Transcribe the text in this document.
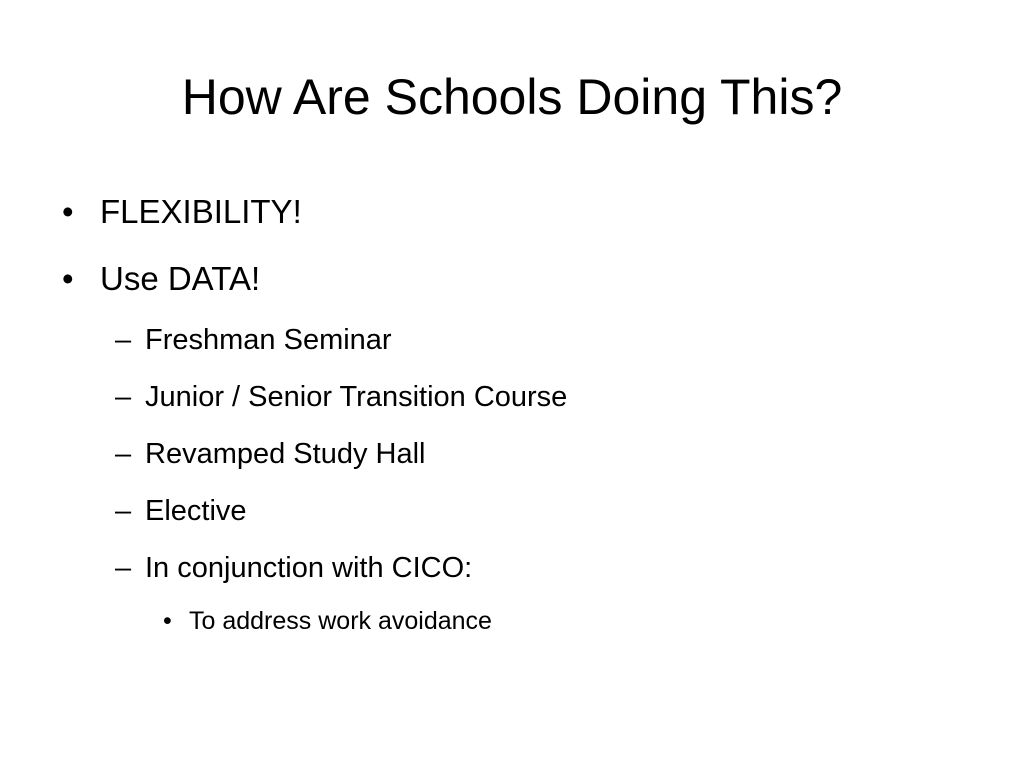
How Are Schools Doing This?
• FLEXIBILITY!
• Use DATA!
– Freshman Seminar
– Junior / Senior Transition Course
– Revamped Study Hall
– Elective
– In conjunction with CICO:
• To address work avoidance
